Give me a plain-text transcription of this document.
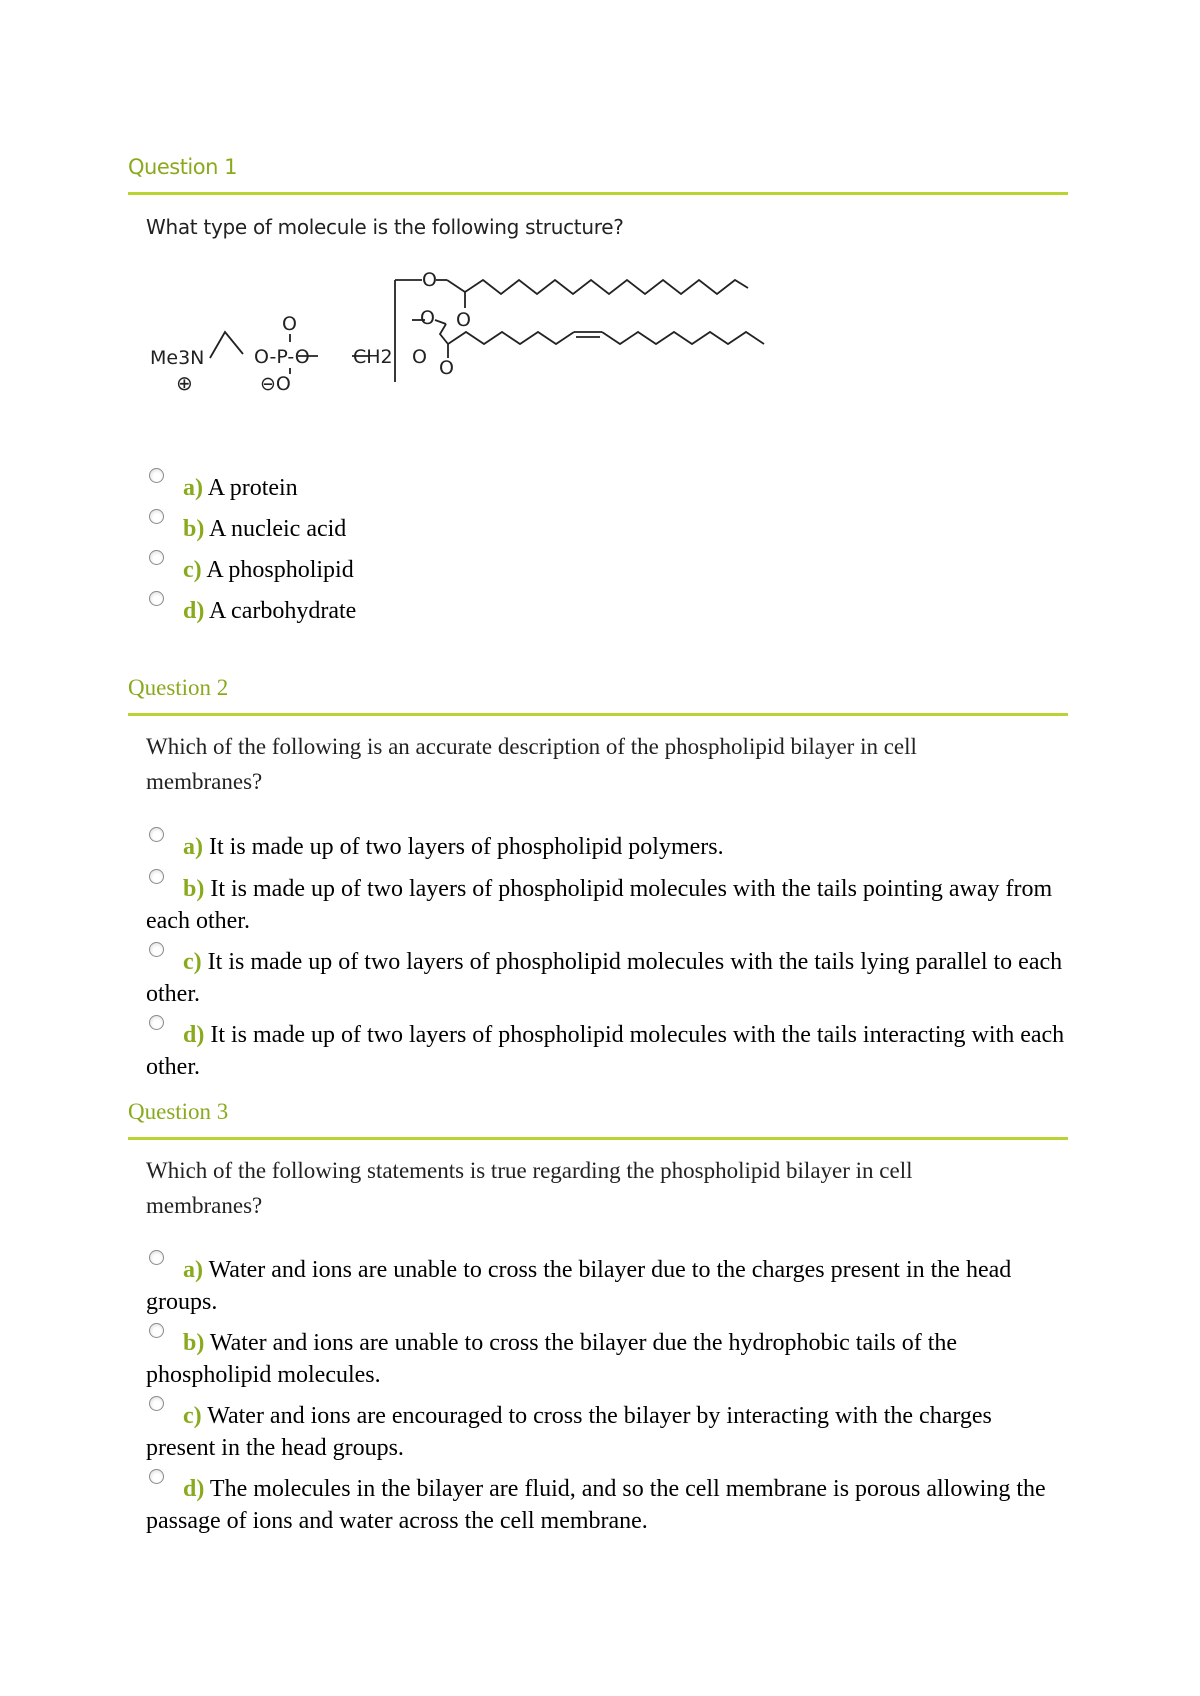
Question 1
What type of molecule is the following structure?
O
O
O
O
Me3N
⊕
O
O-P-O
⊖O
CH2 O
a) A protein
b) A nucleic acid
c) A phospholipid
d) A carbohydrate
Question 2
Which of the following is an accurate description of the phospholipid bilayer in cell membranes?
a) It is made up of two layers of phospholipid polymers.
b) It is made up of two layers of phospholipid molecules with the tails pointing away from each other.
c) It is made up of two layers of phospholipid molecules with the tails lying parallel to each other.
d) It is made up of two layers of phospholipid molecules with the tails interacting with each other.
Question 3
Which of the following statements is true regarding the phospholipid bilayer in cell membranes?
a) Water and ions are unable to cross the bilayer due to the charges present in the head groups.
b) Water and ions are unable to cross the bilayer due the hydrophobic tails of the phospholipid molecules.
c) Water and ions are encouraged to cross the bilayer by interacting with the charges present in the head groups.
d) The molecules in the bilayer are fluid, and so the cell membrane is porous allowing the passage of ions and water across the cell membrane.
